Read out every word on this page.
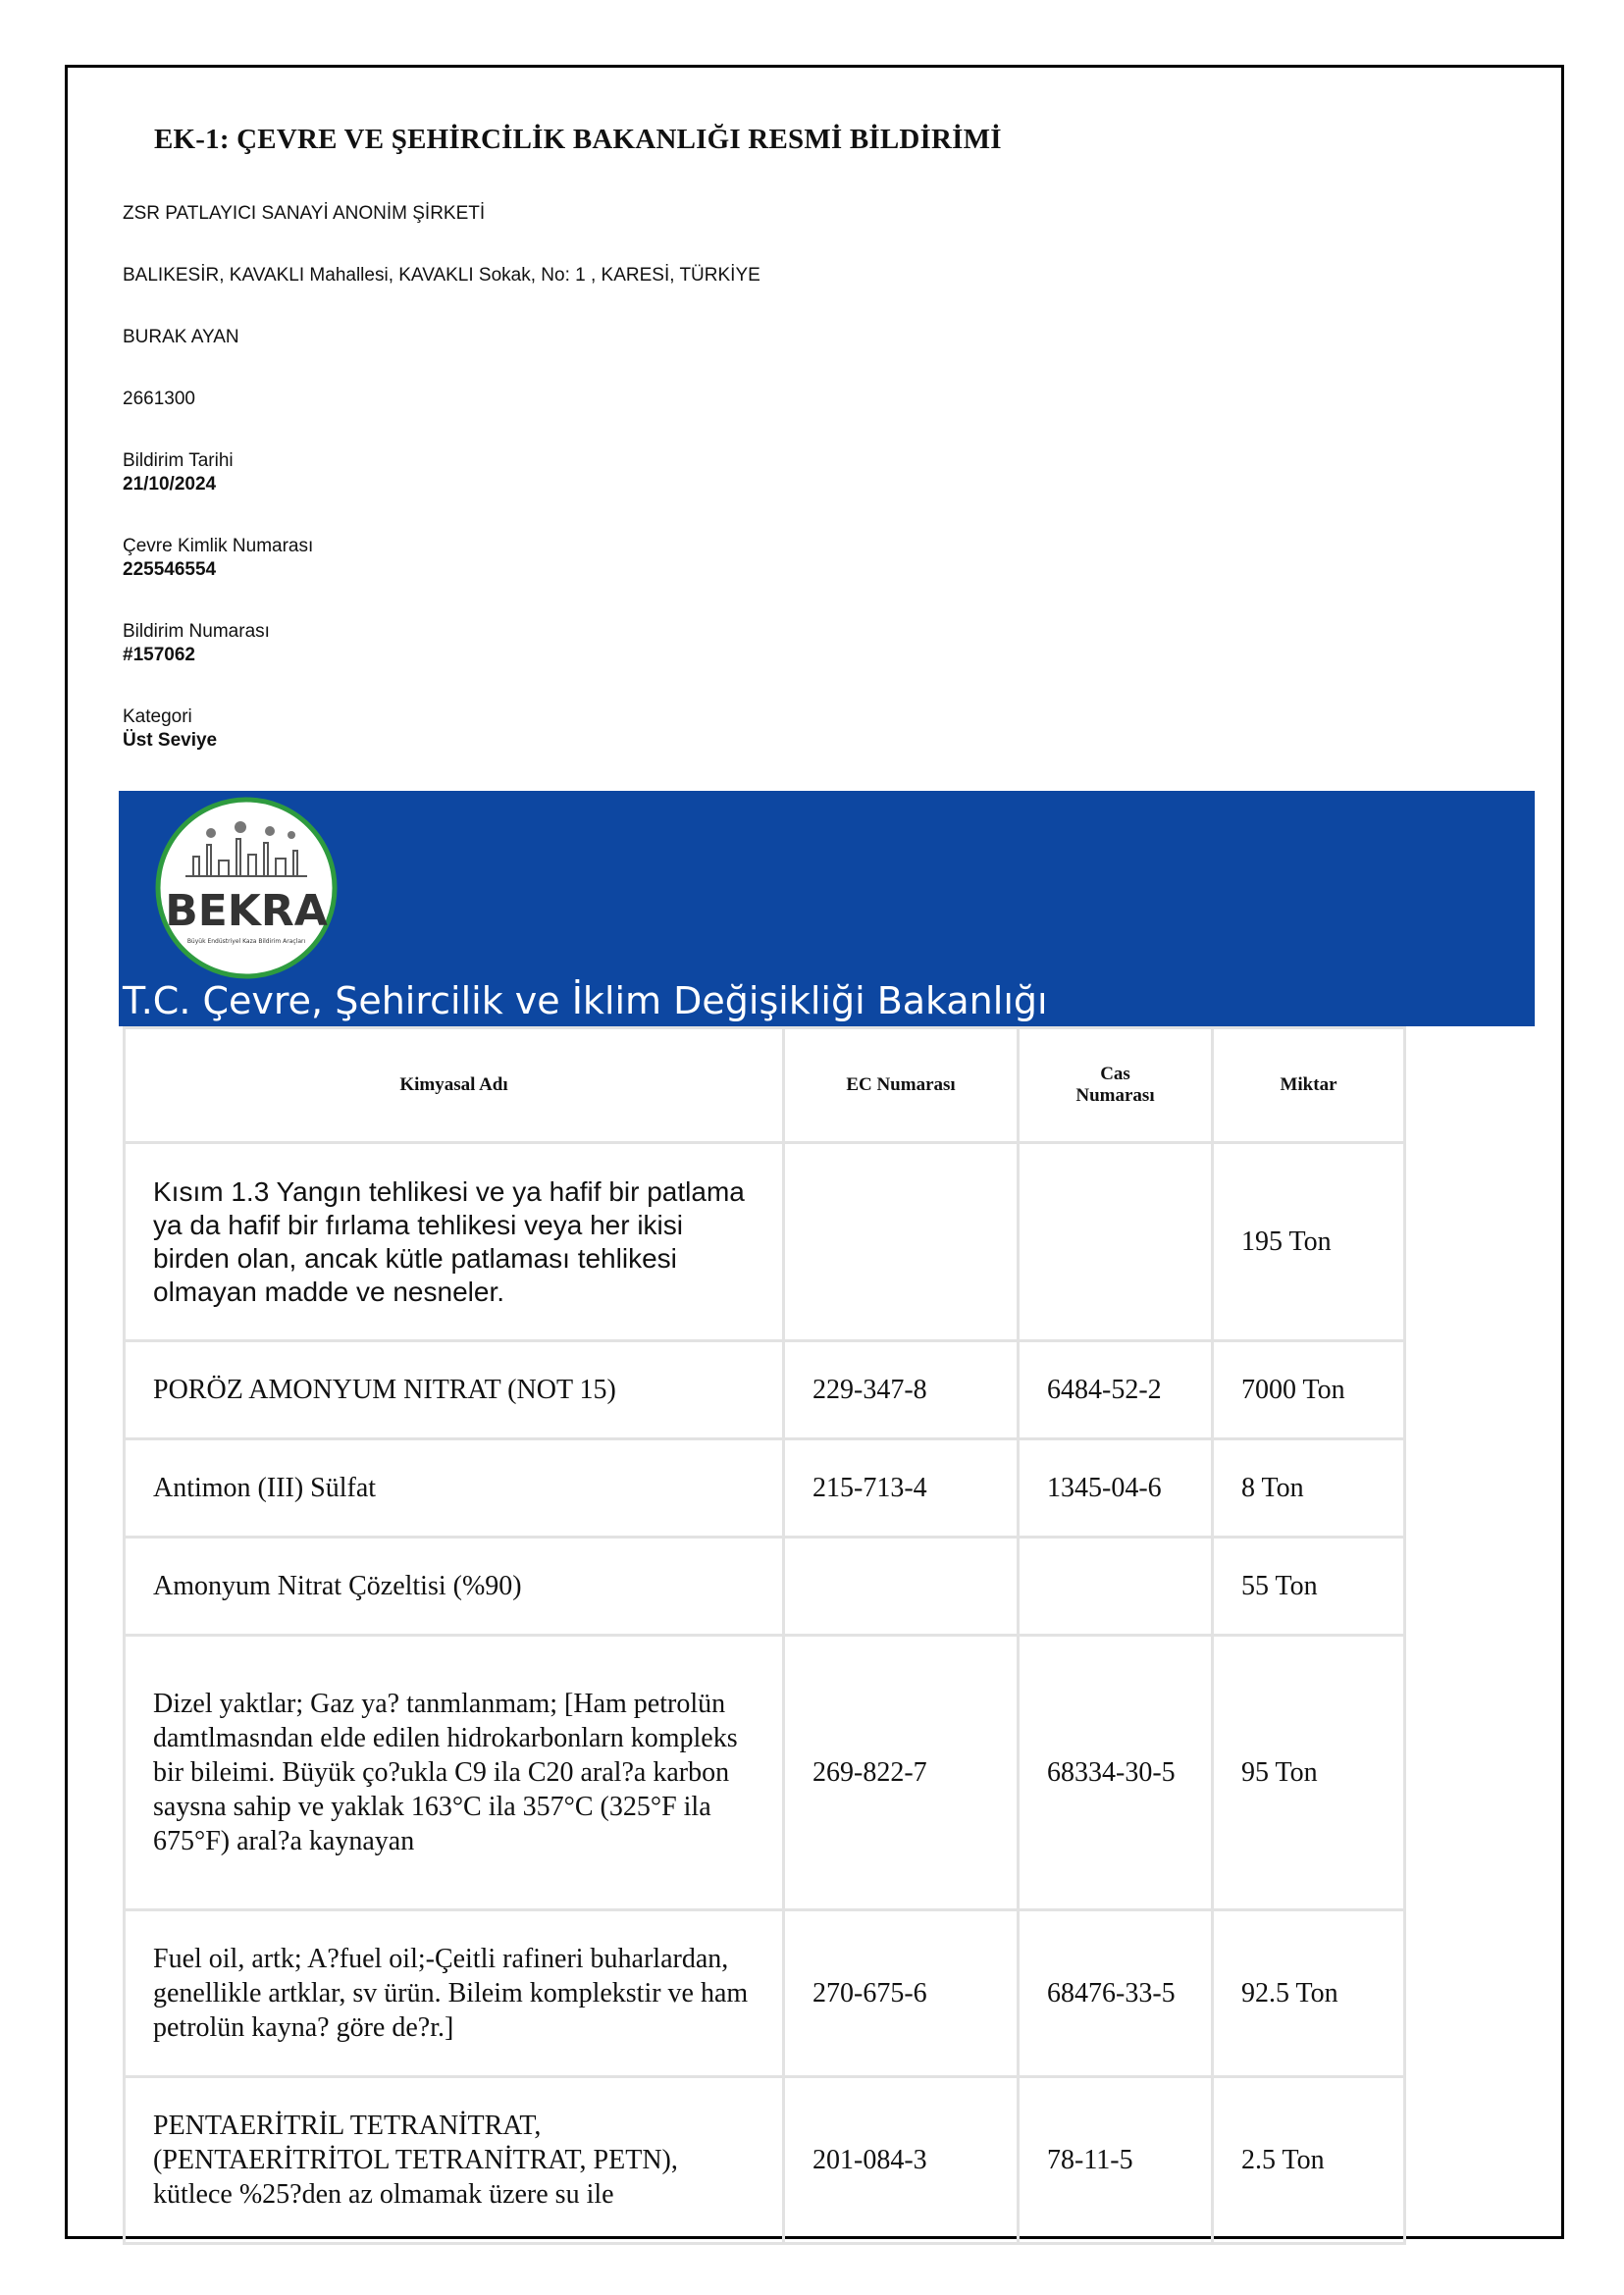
EK-1: ÇEVRE VE ŞEHİRCİLİK BAKANLIĞI RESMİ BİLDİRİMİ
ZSR PATLAYICI SANAYİ ANONİM ŞİRKETİ
BALIKESİR, KAVAKLI Mahallesi, KAVAKLI Sokak, No: 1 , KARESİ, TÜRKİYE
BURAK AYAN
2661300
Bildirim Tarihi
21/10/2024
Çevre Kimlik Numarası
225546554
Bildirim Numarası
#157062
Kategori
Üst Seviye
BEKRA
Büyük Endüstriyel Kaza Bildirim Araçları
T.C. Çevre, Şehircilik ve İklim Değişikliği Bakanlığı
Kimyasal Adı	EC Numarası	Cas Numarası	Miktar
Kısım 1.3 Yangın tehlikesi ve ya hafif bir patlama ya da hafif bir fırlama tehlikesi veya her ikisi birden olan, ancak kütle patlaması tehlikesi olmayan madde ve nesneler.			195 Ton
PORÖZ AMONYUM NITRAT (NOT 15)	229-347-8	6484-52-2	7000 Ton
Antimon (III) Sülfat	215-713-4	1345-04-6	8 Ton
Amonyum Nitrat Çözeltisi (%90)			55 Ton
Dizel yaktlar; Gaz ya? tanmlanmam; [Ham petrolün damtlmasndan elde edilen hidrokarbonlarn kompleks bir bileimi. Büyük ço?ukla C9 ila C20 aral?a karbon saysna sahip ve yaklak 163°C ila 357°C (325°F ila 675°F) aral?a kaynayan	269-822-7	68334-30-5	95 Ton
Fuel oil, artk; A?fuel oil;-Çeitli rafineri buharlardan, genellikle artklar, sv ürün. Bileim komplekstir ve ham petrolün kayna? göre de?r.]	270-675-6	68476-33-5	92.5 Ton
PENTAERİTRİL TETRANİTRAT, (PENTAERİTRİTOL TETRANİTRAT, PETN), kütlece %25?den az olmamak üzere su ile	201-084-3	78-11-5	2.5 Ton
